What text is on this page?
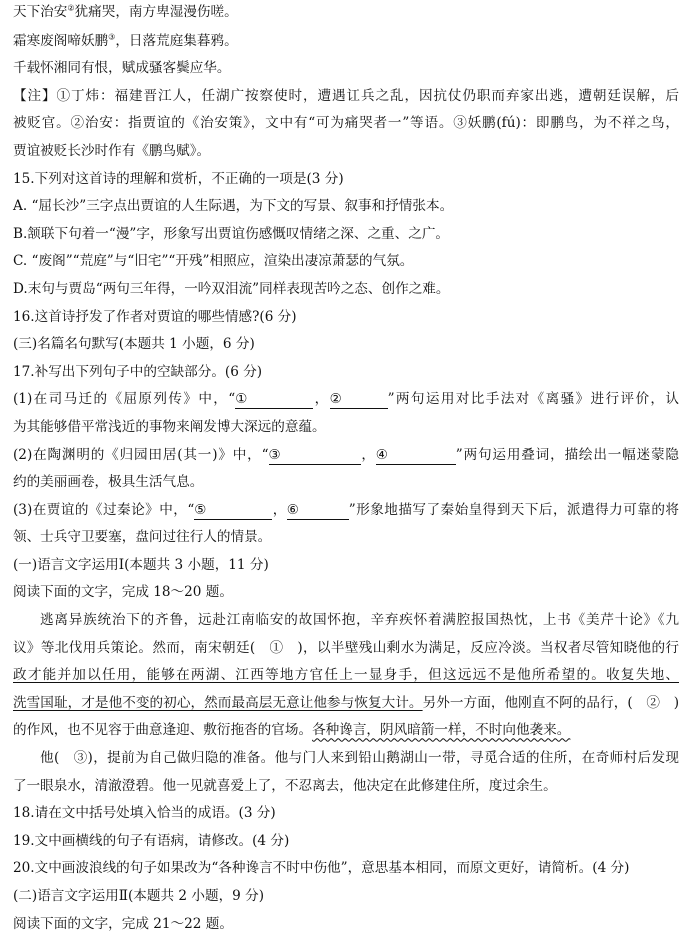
天下治安②犹痛哭，南方卑湿漫伤嗟。
霜寒废阁啼妖鹏③，日落荒庭集暮鸦。
千载怀湘同有恨，赋成骚客鬓应华。
【注】①丁炜：福建晋江人，任湖广按察使时，遭遇讧兵之乱，因抗仗仍职而弃家出逃，遭朝廷误解，后
被贬官。②治安：指贾谊的《治安策》，文中有“可为痛哭者一”等语。③妖鹏(fú)：即鹏鸟，为不祥之鸟，
贾谊被贬长沙时作有《鹏鸟赋》。
15.下列对这首诗的理解和赏析，不正确的一项是(3 分)
A. “屈长沙”三字点出贾谊的人生际遇，为下文的写景、叙事和抒情张本。
B.颔联下句着一“漫”字，形象写出贾谊伤感慨叹情绪之深、之重、之广。
C. “废阁”“荒庭”与“旧宅”“开残”相照应，渲染出凄凉萧瑟的气氛。
D.末句与贾岛“两句三年得，一吟双泪流”同样表现苦吟之态、创作之难。
16.这首诗抒发了作者对贾谊的哪些情感?(6 分)
(三)名篇名句默写(本题共 1 小题，6 分)
17.补写出下列句子中的空缺部分。(6 分)
(1)在司马迁的《屈原列传》中，“①	，②	”两句运用对比手法对《离骚》进行评价，认
为其能够借平常浅近的事物来阐发博大深远的意蕴。
(2)在陶渊明的《归园田居(其一)》中，“③	，④	”两句运用叠词，描绘出一幅迷蒙隐
约的美丽画卷，极具生活气息。
(3)在贾谊的《过秦论》中，“⑤	，⑥	”形象地描写了秦始皇得到天下后，派遣得力可靠的将
领、士兵守卫要塞，盘问过往行人的情景。
(一)语言文字运用Ⅰ(本题共 3 小题，11 分)
阅读下面的文字，完成 18～20 题。
逃离异族统治下的齐鲁，远赴江南临安的故国怀抱，辛弃疾怀着满腔报国热忱，上书《美芹十论》《九
议》等北伐用兵策论。然而，南宋朝廷(　①　)，以半壁残山剩水为满足，反应冷淡。当权者尽管知晓他的行
政才能并加以任用，能够在两湖、江西等地方官任上一显身手，但这远远不是他所希望的。收复失地、
洗雪国耻，才是他不变的初心，然而最高层无意让他参与恢复大计。另外一方面，他刚直不阿的品行，(　②　)
的作风，也不见容于曲意逢迎、敷衍拖沓的官场。各种谗言，阴风暗箭一样，不时向他袭来。
他(　③)，提前为自己做归隐的准备。他与门人来到铅山鹅湖山一带，寻觅合适的住所，在奇师村后发现
了一眼泉水，清澈澄碧。他一见就喜爱上了，不忍离去，他决定在此修建住所，度过余生。
18.请在文中括号处填入恰当的成语。(3 分)
19.文中画横线的句子有语病，请修改。(4 分)
20.文中画波浪线的句子如果改为“各种谗言不时中伤他”，意思基本相同，而原文更好，请简析。(4 分)
(二)语言文字运用Ⅱ(本题共 2 小题，9 分)
阅读下面的文字，完成 21～22 题。
